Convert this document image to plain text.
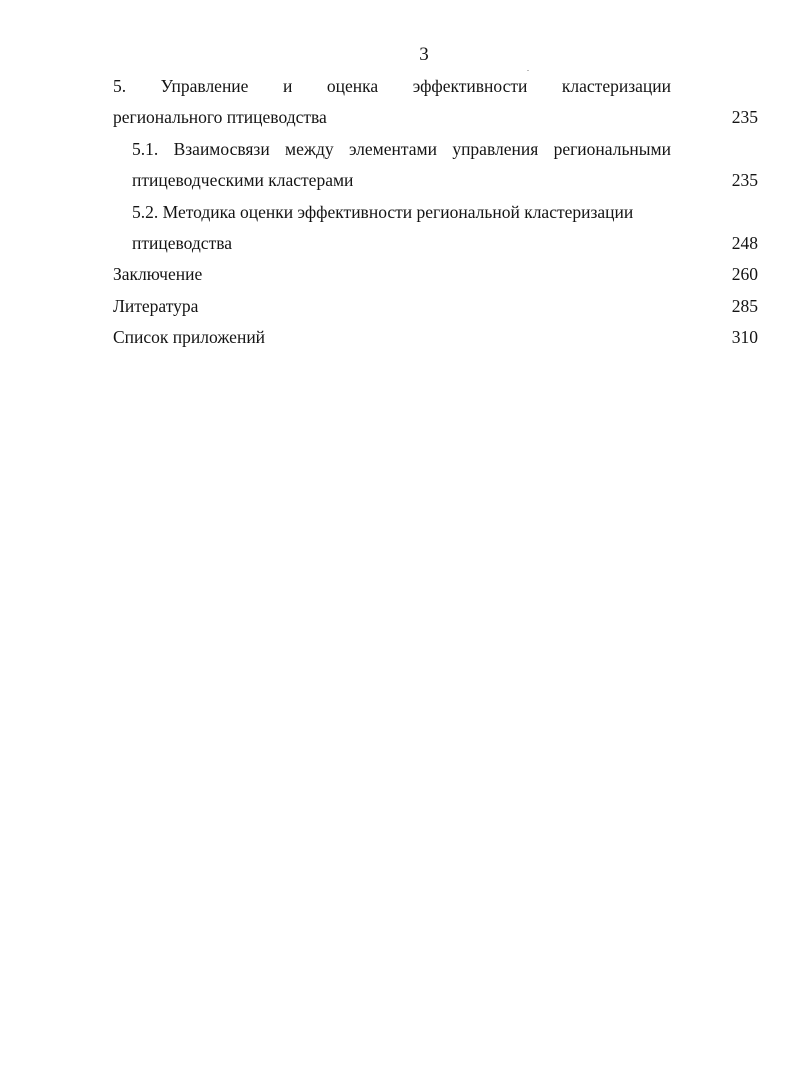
3
5. Управление и оценка эффективности кластеризации
регионального птицеводства	235
5.1. Взаимосвязи между элементами управления региональными
птицеводческими кластерами	235
5.2. Методика оценки эффективности региональной кластеризации
птицеводства	248
Заключение	260
Литература	285
Список приложений	310
